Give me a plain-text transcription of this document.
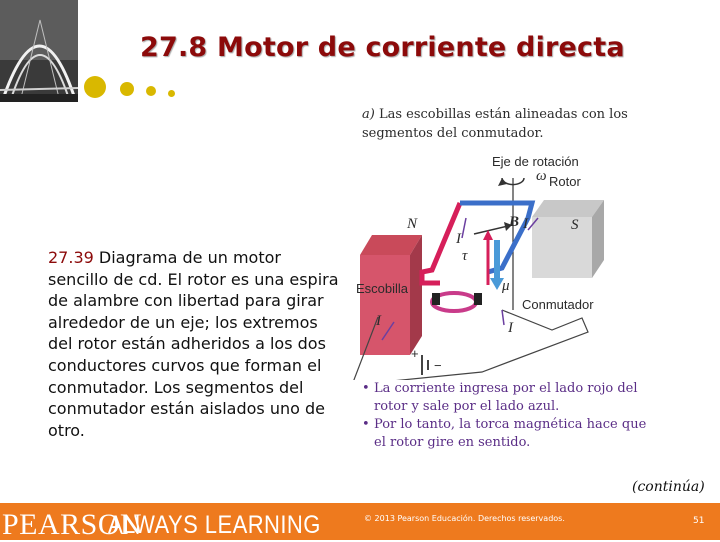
27.8 Motor de corriente directa
27.39 Diagrama de un motor sencillo de cd. El rotor es una espira de alambre con libertad para girar alrededor de un eje; los extremos del rotor están adheridos a los dos conductores curvos que forman el conmutador. Los segmentos del conmutador están aislados uno de otro.
a) Las escobillas están alineadas con los segmentos del conmutador.
Eje de rotación
ω Rotor
N	S
B
I
I
τ
μ
Escobilla
Conmutador
I	I
+
−
• La corriente ingresa por el lado rojo del rotor y sale por el lado azul.
• Por lo tanto, la torca magnética hace que el rotor gire en sentido.
(continúa)
PEARSON
ALWAYS LEARNING	© 2013 Pearson Educación. Derechos reservados.	51
